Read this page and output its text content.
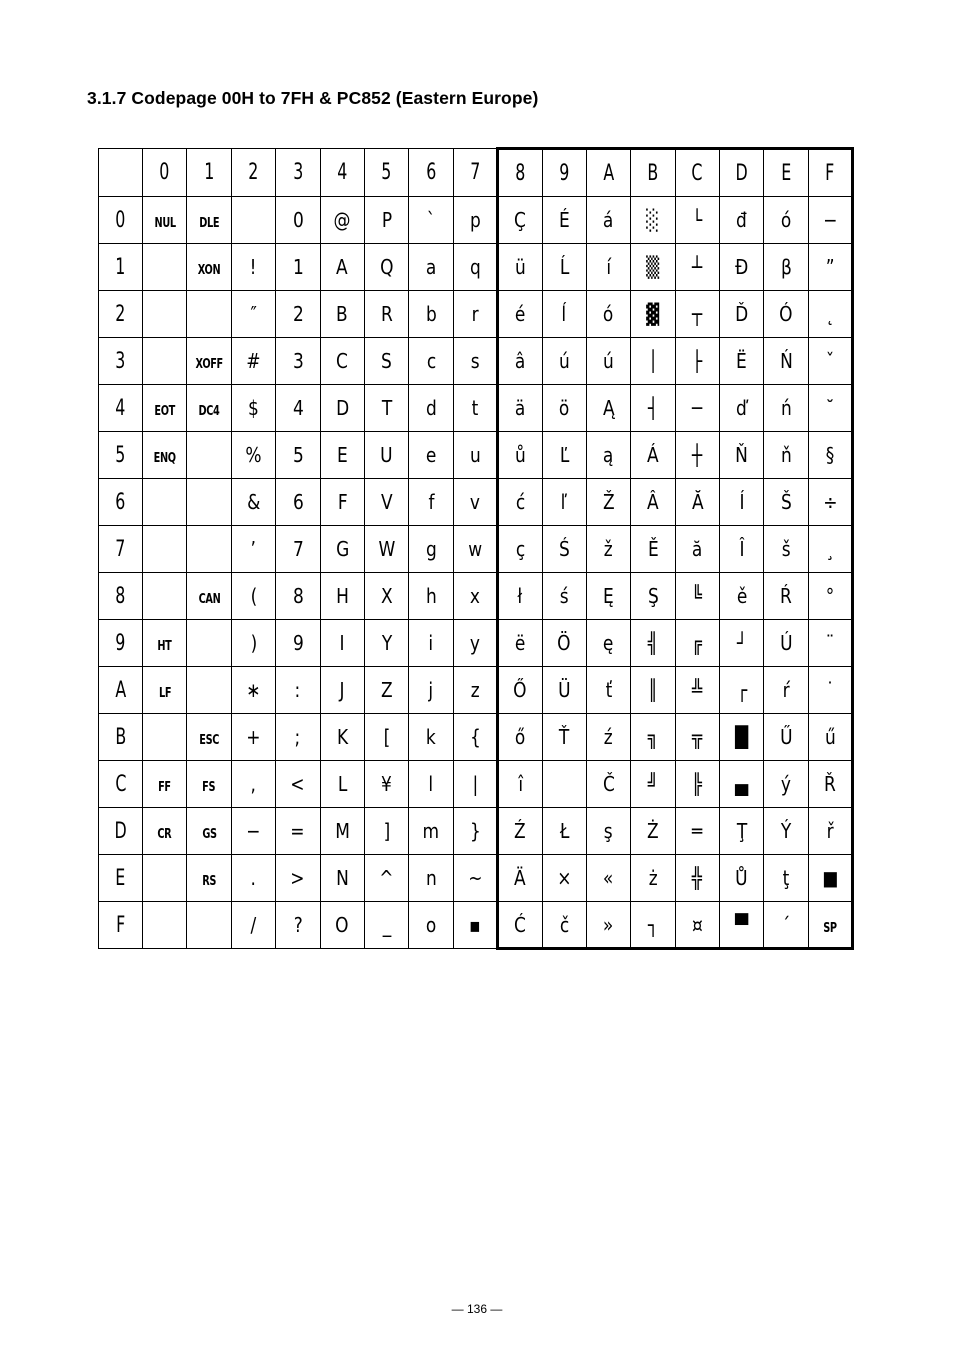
3.1.7 Codepage 00H to 7FH & PC852 (Eastern Europe)
	0	1	2	3	4	5	6	7	8	9	A	B	C	D	E	F
0	NUL	DLE		0	@	P	`	p	Ç	É	á	░	└	đ	ó	−
1		XON	!	1	A	Q	a	q	ü	Ĺ	í	▒	┴	Đ	β	”
2			″	2	B	R	b	r	é	ĺ	ó	▓	┬	Ď	Ó	˛
3		XOFF	#	3	C	S	c	s	â	ú	ú	│	├	Ë	Ń	ˇ
4	EOT	DC4	$	4	D	T	d	t	ä	ö	Ą	┤	─	ď	ń	˘
5	ENQ		%	5	E	U	e	u	ů	Ľ	ą	Á	┼	Ň	ň	§
6			&	6	F	V	f	v	ć	ľ	Ž	Â	Ă	Í	Š	÷
7			’	7	G	W	g	w	ç	Ś	ž	Ě	ă	Î	š	¸
8		CAN	(	8	H	X	h	x	ł	ś	Ę	Ş	╚	ě	Ŕ	°
9	HT		)	9	I	Y	i	y	ë	Ö	ę	╣	╔	┘	Ú	¨
A	LF		∗	:	J	Z	j	z	Ő	Ü	ť	║	╩	┌	ŕ	˙
B		ESC	+	;	K	[	k	{	ő	Ť	ź	╗	╦	█	Ű	ű
C	FF	FS	,	<	L	¥	l	|	î		Č	╝	╠	▄	ý	Ř
D	CR	GS	−	=	M	]	m	}	Ź	Ł	ş	Ż	═	Ţ	Ý	ř
E		RS	.	>	N	^	n	~	Ä	×	«	ż	╬	Ů	ţ	■
F			/	?	O	_	o	▪	Ć	č	»	┐	¤	▀	´	SP
— 136 —
